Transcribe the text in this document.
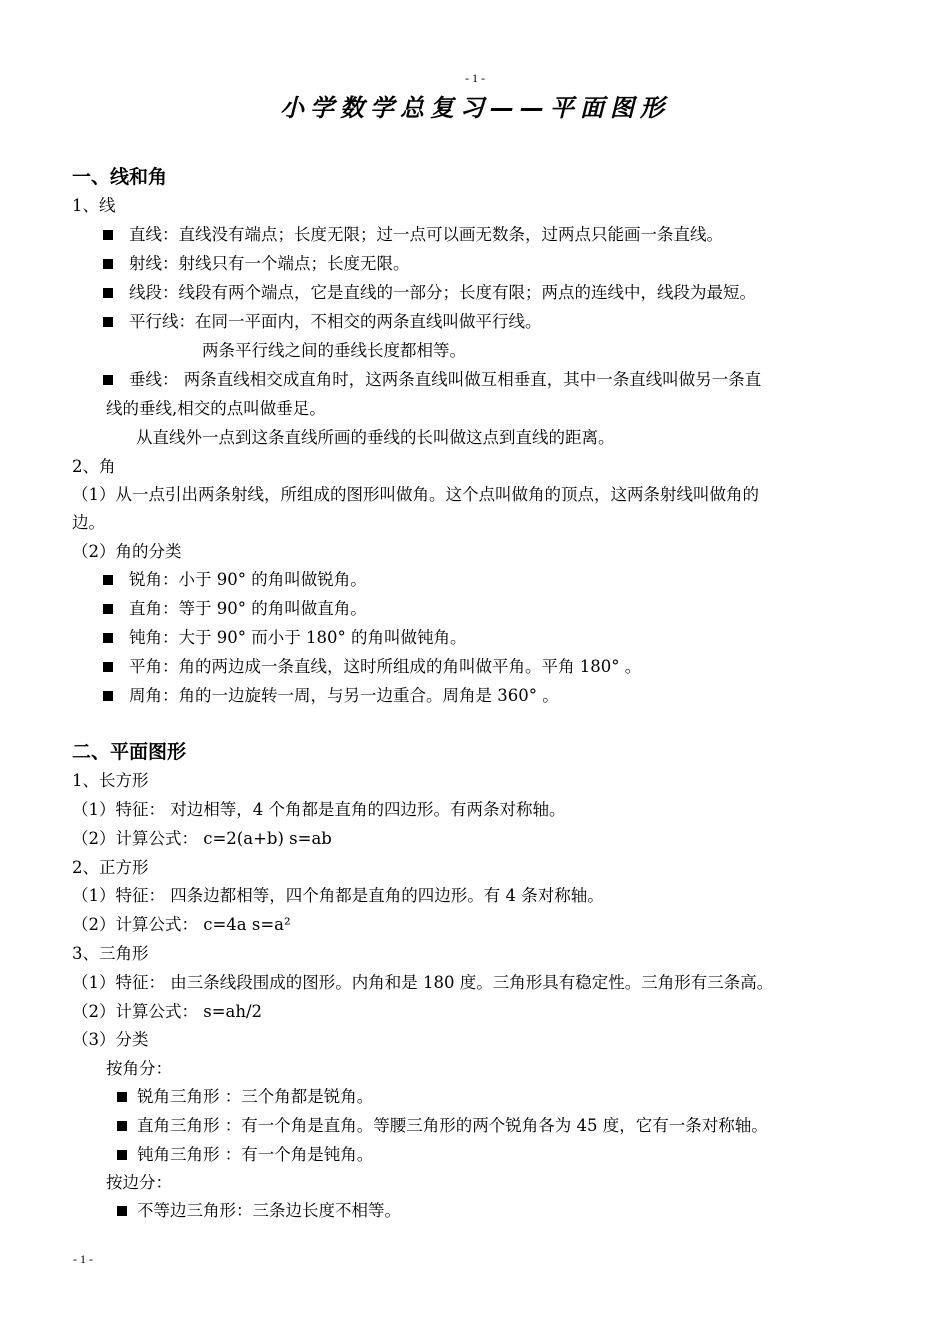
- 1 -
小学数学总复习——平面图形
一、线和角
1、线
直线：直线没有端点；长度无限；过一点可以画无数条，过两点只能画一条直线。
射线：射线只有一个端点；长度无限。
线段：线段有两个端点，它是直线的一部分；长度有限；两点的连线中，线段为最短。
平行线：在同一平面内，不相交的两条直线叫做平行线。
两条平行线之间的垂线长度都相等。
垂线： 两条直线相交成直角时，这两条直线叫做互相垂直，其中一条直线叫做另一条直
线的垂线,相交的点叫做垂足。
从直线外一点到这条直线所画的垂线的长叫做这点到直线的距离。
2、角
（1）从一点引出两条射线，所组成的图形叫做角。这个点叫做角的顶点，这两条射线叫做角的
边。
（2）角的分类
锐角：小于 90° 的角叫做锐角。
直角：等于 90° 的角叫做直角。
钝角：大于 90° 而小于 180° 的角叫做钝角。
平角：角的两边成一条直线，这时所组成的角叫做平角。平角 180° 。
周角：角的一边旋转一周，与另一边重合。周角是 360° 。
二、平面图形
1、长方形
（1）特征： 对边相等，4 个角都是直角的四边形。有两条对称轴。
（2）计算公式： c=2(a+b) s=ab
2、正方形
（1）特征： 四条边都相等，四个角都是直角的四边形。有 4 条对称轴。
（2）计算公式： c=4a s=a²
3、三角形
（1）特征： 由三条线段围成的图形。内角和是 180 度。三角形具有稳定性。三角形有三条高。
（2）计算公式： s=ah/2
（3）分类
按角分：
锐角三角形 ：三个角都是锐角。
直角三角形 ：有一个角是直角。等腰三角形的两个锐角各为 45 度，它有一条对称轴。
钝角三角形 ：有一个角是钝角。
按边分：
不等边三角形：三条边长度不相等。
- 1 -
